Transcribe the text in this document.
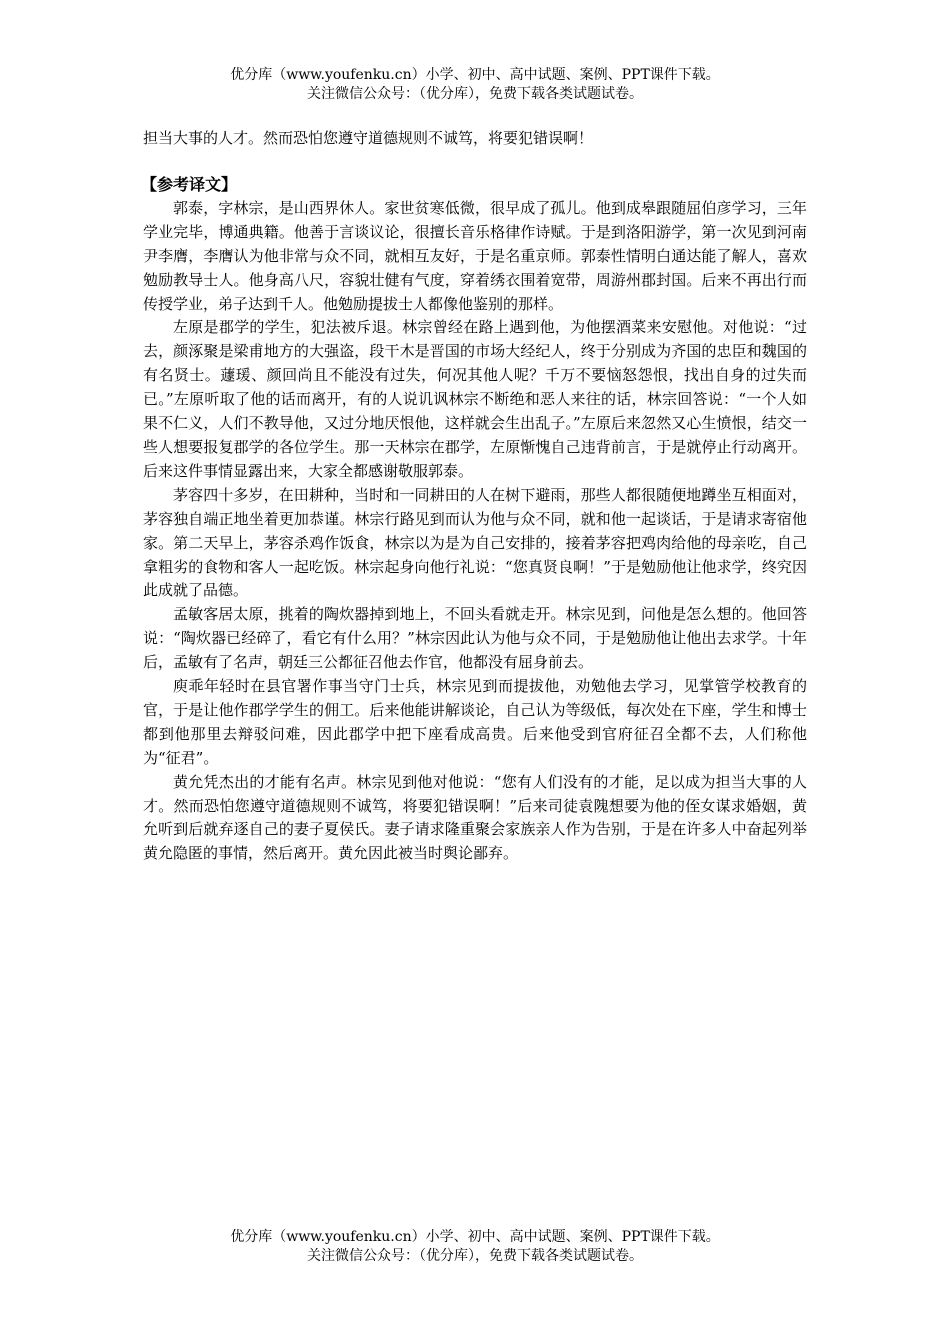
优分库（www.youfenku.cn）小学、初中、高中试题、案例、PPT课件下载。
关注微信公众号：（优分库），免费下载各类试题试卷。

担当大事的人才。然而恐怕您遵守道德规则不诚笃，将要犯错误啊！

【参考译文】

郭泰，字林宗，是山西界休人。家世贫寒低微，很早成了孤儿。他到成皋跟随屈伯彦学习，三年学业完毕，博通典籍。他善于言谈议论，很擅长音乐格律作诗赋。于是到洛阳游学，第一次见到河南尹李膺，李膺认为他非常与众不同，就相互友好，于是名重京师。郭泰性情明白通达能了解人，喜欢勉励教导士人。他身高八尺，容貌壮健有气度，穿着绣衣围着宽带，周游州郡封国。后来不再出行而传授学业，弟子达到千人。他勉励提拔士人都像他鉴别的那样。

左原是郡学的学生，犯法被斥退。林宗曾经在路上遇到他，为他摆酒菜来安慰他。对他说：“过去，颜涿聚是梁甫地方的大强盗，段干木是晋国的市场大经纪人，终于分别成为齐国的忠臣和魏国的有名贤士。蘧瑗、颜回尚且不能没有过失，何况其他人呢？千万不要恼怒怨恨，找出自身的过失而已。”左原听取了他的话而离开，有的人说讥讽林宗不断绝和恶人来往的话，林宗回答说：“一个人如果不仁义，人们不教导他，又过分地厌恨他，这样就会生出乱子。”左原后来忽然又心生愤恨，结交一些人想要报复郡学的各位学生。那一天林宗在郡学，左原惭愧自己违背前言，于是就停止行动离开。后来这件事情显露出来，大家全都感谢敬服郭泰。

茅容四十多岁，在田耕种，当时和一同耕田的人在树下避雨，那些人都很随便地蹲坐互相面对，茅容独自端正地坐着更加恭谨。林宗行路见到而认为他与众不同，就和他一起谈话，于是请求寄宿他家。第二天早上，茅容杀鸡作饭食，林宗以为是为自己安排的，接着茅容把鸡肉给他的母亲吃，自己拿粗劣的食物和客人一起吃饭。林宗起身向他行礼说：“您真贤良啊！”于是勉励他让他求学，终究因此成就了品德。

孟敏客居太原，挑着的陶炊器掉到地上，不回头看就走开。林宗见到，问他是怎么想的。他回答说：“陶炊器已经碎了，看它有什么用？”林宗因此认为他与众不同，于是勉励他让他出去求学。十年后，孟敏有了名声，朝廷三公都征召他去作官，他都没有屈身前去。

庾乖年轻时在县官署作事当守门士兵，林宗见到而提拔他，劝勉他去学习，见掌管学校教育的官，于是让他作郡学学生的佣工。后来他能讲解谈论，自己认为等级低，每次处在下座，学生和博士都到他那里去辩驳问难，因此郡学中把下座看成高贵。后来他受到官府征召全都不去，人们称他为“征君”。

黄允凭杰出的才能有名声。林宗见到他对他说：“您有人们没有的才能，足以成为担当大事的人才。然而恐怕您遵守道德规则不诚笃，将要犯错误啊！”后来司徒袁隗想要为他的侄女谋求婚姻，黄允听到后就弃逐自己的妻子夏侯氏。妻子请求隆重聚会家族亲人作为告别，于是在许多人中奋起列举黄允隐匿的事情，然后离开。黄允因此被当时舆论鄙弃。

优分库（www.youfenku.cn）小学、初中、高中试题、案例、PPT课件下载。
关注微信公众号：（优分库），免费下载各类试题试卷。
